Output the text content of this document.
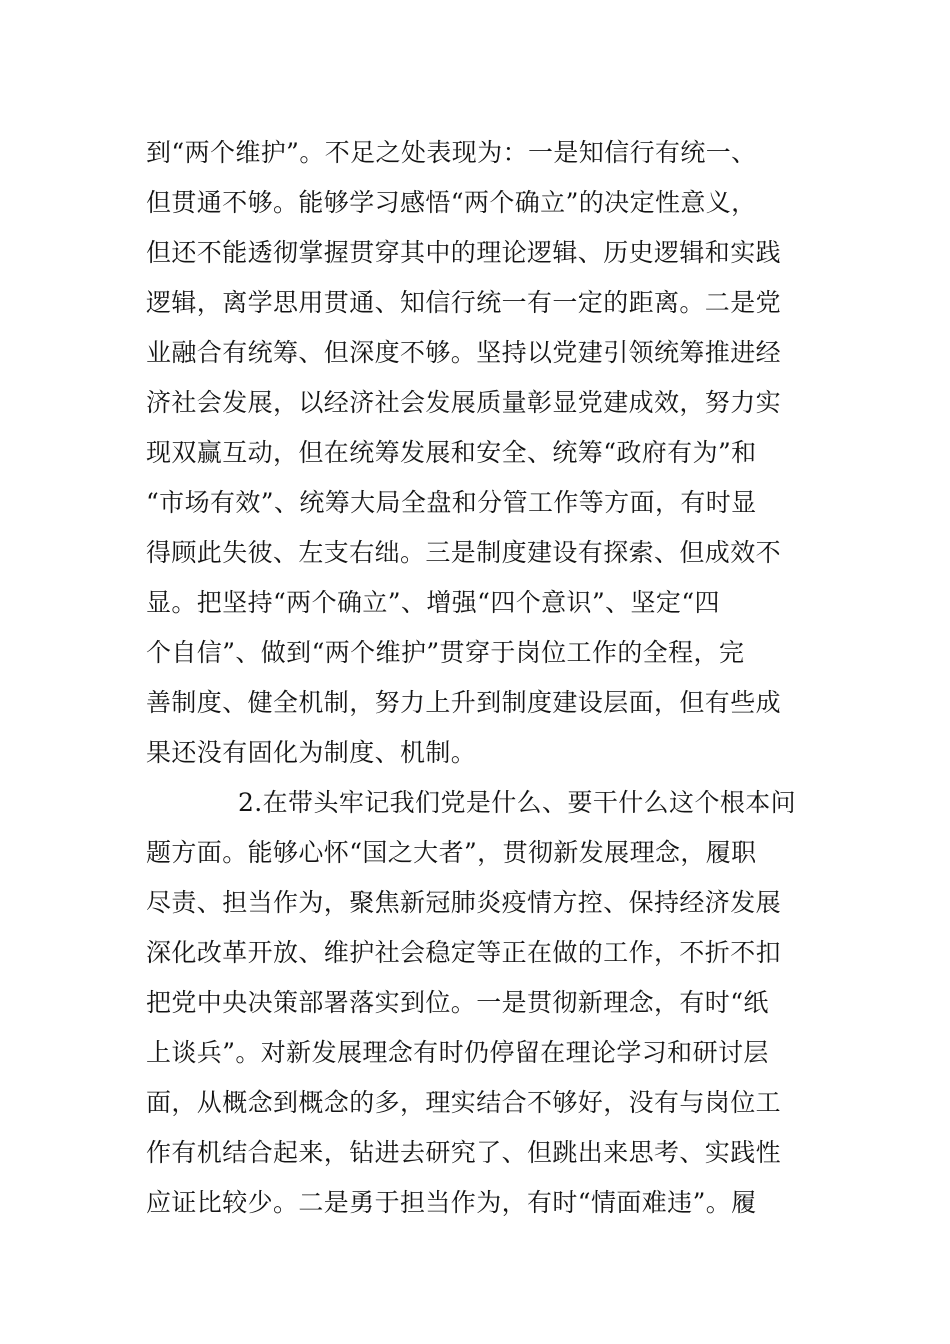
到“两个维护”。不足之处表现为：一是知信行有统一、
但贯通不够。能够学习感悟“两个确立”的决定性意义，
但还不能透彻掌握贯穿其中的理论逻辑、历史逻辑和实践
逻辑，离学思用贯通、知信行统一有一定的距离。二是党
业融合有统筹、但深度不够。坚持以党建引领统筹推进经
济社会发展，以经济社会发展质量彰显党建成效，努力实
现双赢互动，但在统筹发展和安全、统筹“政府有为”和
“市场有效”、统筹大局全盘和分管工作等方面，有时显
得顾此失彼、左支右绌。三是制度建设有探索、但成效不
显。把坚持“两个确立”、增强“四个意识”、坚定“四
个自信”、做到“两个维护”贯穿于岗位工作的全程，完
善制度、健全机制，努力上升到制度建设层面，但有些成
果还没有固化为制度、机制。
2.在带头牢记我们党是什么、要干什么这个根本问
题方面。能够心怀“国之大者”，贯彻新发展理念，履职
尽责、担当作为，聚焦新冠肺炎疫情方控、保持经济发展
深化改革开放、维护社会稳定等正在做的工作，不折不扣
把党中央决策部署落实到位。一是贯彻新理念，有时“纸
上谈兵”。对新发展理念有时仍停留在理论学习和研讨层
面，从概念到概念的多，理实结合不够好，没有与岗位工
作有机结合起来，钻进去研究了、但跳出来思考、实践性
应证比较少。二是勇于担当作为，有时“情面难违”。履
